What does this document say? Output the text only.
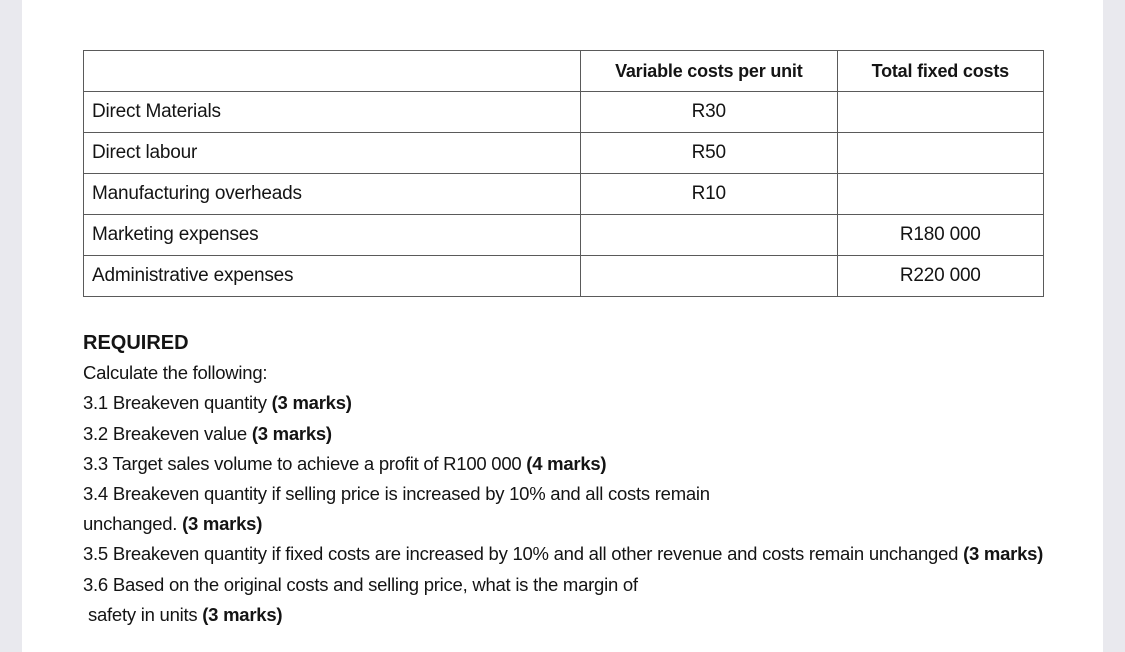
	Variable costs per unit	Total fixed costs
Direct Materials	R30	
Direct labour	R50	
Manufacturing overheads	R10	
Marketing expenses		R180 000
Administrative expenses		R220 000
REQUIRED
Calculate the following:
3.1 Breakeven quantity (3 marks)
3.2 Breakeven value (3 marks)
3.3 Target sales volume to achieve a profit of R100 000 (4 marks)
3.4 Breakeven quantity if selling price is increased by 10% and all costs remain
unchanged. (3 marks)
3.5 Breakeven quantity if fixed costs are increased by 10% and all other revenue and costs remain unchanged (3 marks)
3.6 Based on the original costs and selling price, what is the margin of
safety in units (3 marks)
